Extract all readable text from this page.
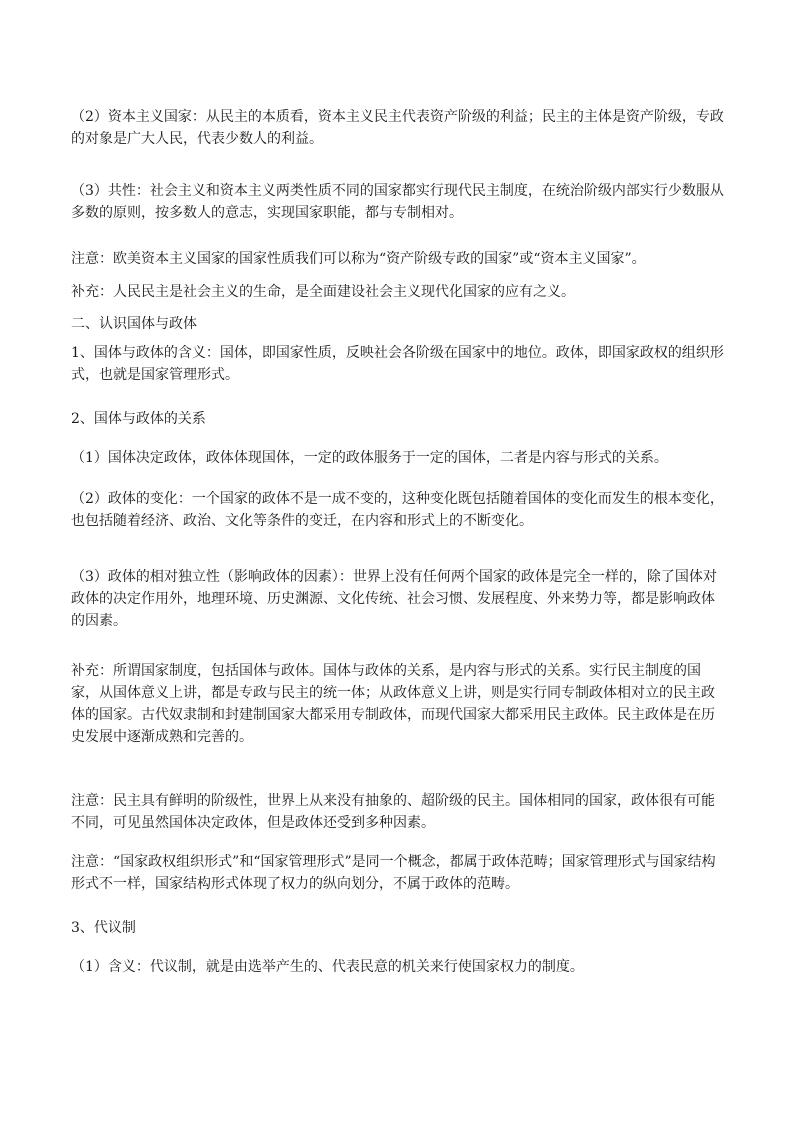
（2）资本主义国家：从民主的本质看，资本主义民主代表资产阶级的利益；民主的主体是资产阶级，专政的对象是广大人民，代表少数人的利益。

（3）共性：社会主义和资本主义两类性质不同的国家都实行现代民主制度，在统治阶级内部实行少数服从多数的原则，按多数人的意志，实现国家职能，都与专制相对。

注意：欧美资本主义国家的国家性质我们可以称为“资产阶级专政的国家”或“资本主义国家”。

补充：人民民主是社会主义的生命，是全面建设社会主义现代化国家的应有之义。

二、认识国体与政体

1、国体与政体的含义：国体，即国家性质，反映社会各阶级在国家中的地位。政体，即国家政权的组织形式，也就是国家管理形式。

2、国体与政体的关系

（1）国体决定政体，政体体现国体，一定的政体服务于一定的国体，二者是内容与形式的关系。

（2）政体的变化：一个国家的政体不是一成不变的，这种变化既包括随着国体的变化而发生的根本变化，也包括随着经济、政治、文化等条件的变迁，在内容和形式上的不断变化。

（3）政体的相对独立性（影响政体的因素）：世界上没有任何两个国家的政体是完全一样的，除了国体对政体的决定作用外，地理环境、历史渊源、文化传统、社会习惯、发展程度、外来势力等，都是影响政体的因素。

补充：所谓国家制度，包括国体与政体。国体与政体的关系，是内容与形式的关系。实行民主制度的国家，从国体意义上讲，都是专政与民主的统一体；从政体意义上讲，则是实行同专制政体相对立的民主政体的国家。古代奴隶制和封建制国家大都采用专制政体，而现代国家大都采用民主政体。民主政体是在历史发展中逐渐成熟和完善的。

注意：民主具有鲜明的阶级性，世界上从来没有抽象的、超阶级的民主。国体相同的国家，政体很有可能不同，可见虽然国体决定政体，但是政体还受到多种因素。

注意：“国家政权组织形式”和“国家管理形式”是同一个概念，都属于政体范畴；国家管理形式与国家结构形式不一样，国家结构形式体现了权力的纵向划分，不属于政体的范畴。

3、代议制

（1）含义：代议制，就是由选举产生的、代表民意的机关来行使国家权力的制度。
